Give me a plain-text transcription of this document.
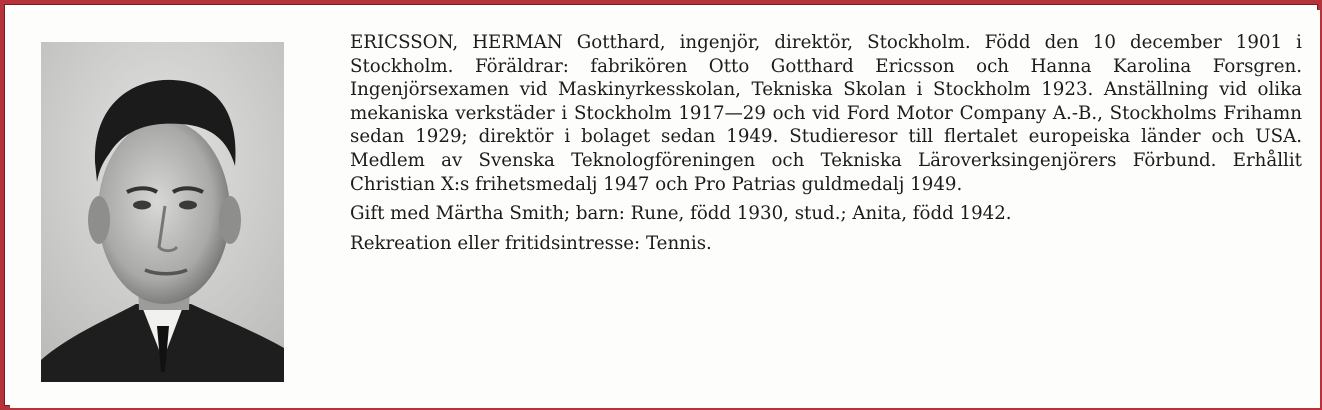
ERICSSON, HERMAN Gotthard, ingenjör, direktör, Stockholm. Född den 10 december 1901 i Stockholm. Föräldrar: fabrikören Otto Gotthard Ericsson och Hanna Karolina Forsgren. Ingenjörsexamen vid Maskinyrkesskolan, Tekniska Skolan i Stockholm 1923. Anställning vid olika mekaniska verkstäder i Stockholm 1917—29 och vid Ford Motor Company A.-B., Stockholms Frihamn sedan 1929; direktör i bolaget sedan 1949. Studieresor till flertalet europeiska länder och USA. Medlem av Svenska Teknologföreningen och Tekniska Läroverksingenjörers Förbund. Erhållit Christian X:s frihetsmedalj 1947 och Pro Patrias guldmedalj 1949.

Gift med Märtha Smith; barn: Rune, född 1930, stud.; Anita, född 1942.

Rekreation eller fritidsintresse: Tennis.
